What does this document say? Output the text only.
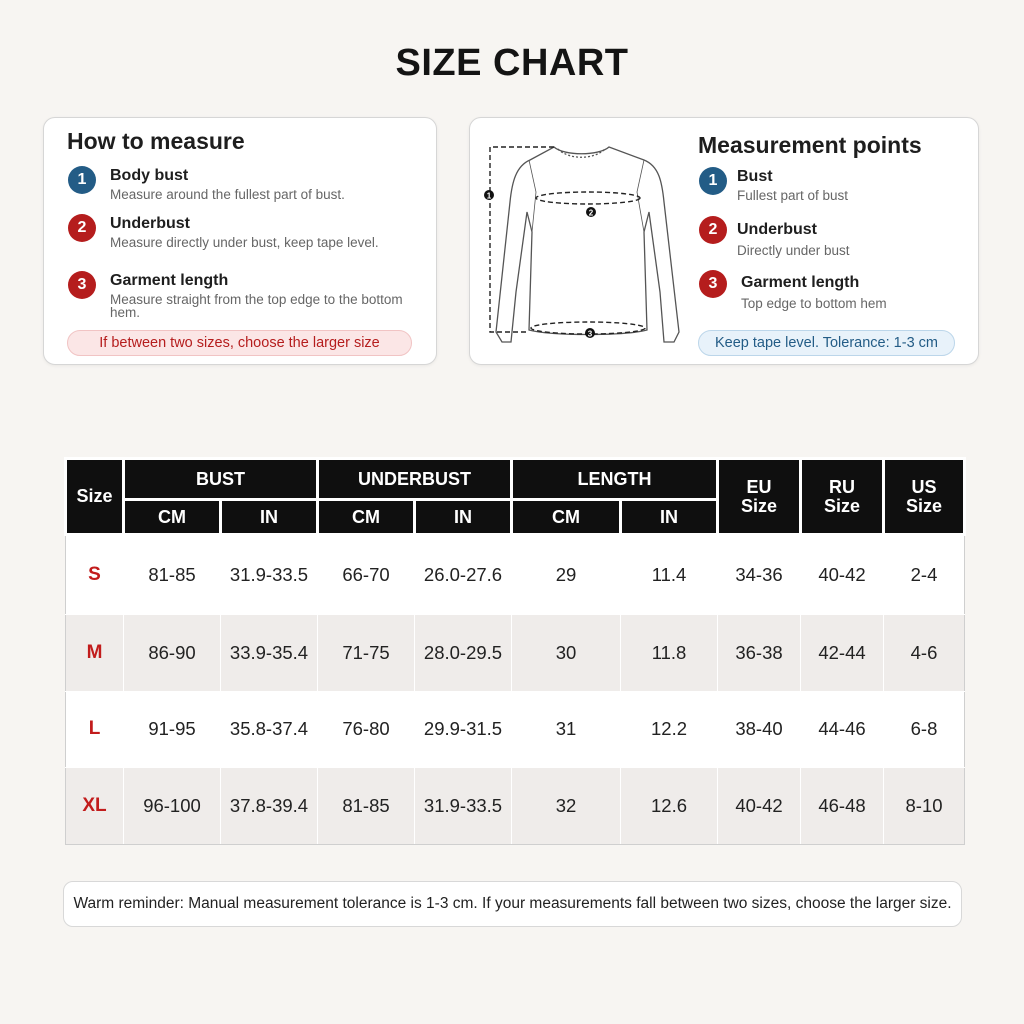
SIZE CHART
How to measure
1	Body bust
Measure around the fullest part of bust.
2	Underbust
Measure directly under bust, keep tape level.
3	Garment length
Measure straight from the top edge to the bottom hem.
If between two sizes, choose the larger size
1
2
3
Measurement points
1	Bust
Fullest part of bust
2	Underbust
Directly under bust
3	Garment length
Top edge to bottom hem
Keep tape level. Tolerance: 1-3 cm
Size	BUST		UNDERBUST		LENGTH		EU Size	RU Size	US Size
	CM	IN	CM	IN	CM	IN			
S	81-85	31.9-33.5	66-70	26.0-27.6	29	11.4	34-36	40-42	2-4
M	86-90	33.9-35.4	71-75	28.0-29.5	30	11.8	36-38	42-44	4-6
L	91-95	35.8-37.4	76-80	29.9-31.5	31	12.2	38-40	44-46	6-8
XL	96-100	37.8-39.4	81-85	31.9-33.5	32	12.6	40-42	46-48	8-10
Warm reminder: Manual measurement tolerance is 1-3 cm. If your measurements fall between two sizes, choose the larger size.
